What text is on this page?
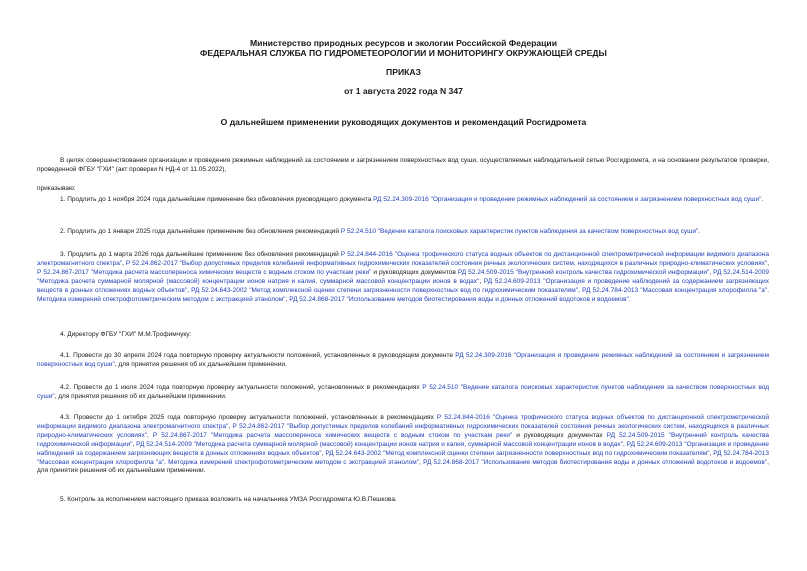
Министерство природных ресурсов и экологии Российской Федерации
ФЕДЕРАЛЬНАЯ СЛУЖБА ПО ГИДРОМЕТЕОРОЛОГИИ И МОНИТОРИНГУ ОКРУЖАЮЩЕЙ СРЕДЫ
ПРИКАЗ
от 1 августа 2022 года N 347
О дальнейшем применении руководящих документов и рекомендаций Росгидромета
В целях совершенствования организации и проведения режимных наблюдений за состоянием и загрязнением поверхностных вод суши, осуществляемых наблюдательной сетью Росгидромета, и на основании результатов проверки, проведенной ФГБУ "ГХИ" (акт проверки N НД-4 от 11.05.2022),
приказываю:
1. Продлить до 1 ноября 2024 года дальнейшее применение без обновления руководящего документа РД 52.24.309-2016 "Организация и проведение режимных наблюдений за состоянием и загрязнением поверхностных вод суши".
2. Продлить до 1 января 2025 года дальнейшее применение без обновления рекомендаций Р 52.24.510 "Ведение каталога поисковых характеристик пунктов наблюдения за качеством поверхностных вод суши".
3. Продлить до 1 марта 2026 года дальнейшее применение без обновления рекомендаций Р 52.24.844-2016 "Оценка трофического статуса водных объектов по дистанционной спектрометрической информации видимого диапазона электромагнитного спектра", Р 52.24.862-2017 "Выбор допустимых пределов колебаний информативных гидрохимических показателей состояния речных экологических систем, находящихся в различных природно-климатических условиях", Р 52.24.867-2017 "Методика расчета массопереноса химических веществ с водным стоком по участкам реки" и руководящих документов РД 52.24.509-2015 "Внутренний контроль качества гидрохимической информации", РД 52.24.514-2009 "Методика расчета суммарной молярной (массовой) концентрации ионов натрия и калия, суммарной массовой концентрации ионов в водах", РД 52.24.609-2013 "Организация и проведение наблюдений за содержанием загрязняющих веществ в донных отложениях водных объектов", РД 52.24.643-2002 "Метод комплексной оценки степени загрязненности поверхностных вод по гидрохимическим показателям", РД 52.24.784-2013 "Массовая концентрация хлорофилла "а". Методика измерений спектрофотометрическим методом с экстракцией этанолом", РД 52.24.868-2017 "Использование методов биотестирования воды и донных отложений водотоков и водоемов".
4. Директору ФГБУ "ГХИ" М.М.Трофимчуку:
4.1. Провести до 30 апреля 2024 года повторную проверку актуальности положений, установленных в руководящем документе РД 52.24.309-2016 "Организация и проведение режимных наблюдений за состоянием и загрязнением поверхностных вод суши", для принятия решения об их дальнейшем применении.
4.2. Провести до 1 июля 2024 года повторную проверку актуальности положений, установленных в рекомендациях Р 52.24.510 "Ведение каталога поисковых характеристик пунктов наблюдения за качеством поверхностных вод суши", для принятия решения об их дальнейшем применении.
4.3. Провести до 1 октября 2025 года повторную проверку актуальности положений, установленных в рекомендациях Р 52.24.844-2016 "Оценка трофического статуса водных объектов по дистанционной спектрометрической информации видимого диапазона электромагнитного спектра", Р 52.24.862-2017 "Выбор допустимых пределов колебаний информативных гидрохимических показателей состояния речных экологических систем, находящихся в различных природно-климатических условиях", Р 52.24.867-2017 "Методика расчета массопереноса химических веществ с водным стоком по участкам реки" и руководящих документах РД 52.24.509-2015 "Внутренний контроль качества гидрохимической информации", РД 52.24.514-2009 "Методика расчета суммарной молярной (массовой) концентрации ионов натрия и калия, суммарной массовой концентрации ионов в водах", РД 52.24.609-2013 "Организация и проведение наблюдений за содержанием загрязняющих веществ в донных отложениях водных объектов", РД 52.24.643-2002 "Метод комплексной оценки степени загрязненности поверхностных вод по гидрохимическим показателям", РД 52.24.784-2013 "Массовая концентрация хлорофилла "а". Методика измерений спектрофотометрическим методом с экстракцией этанолом", РД 52.24.868-2017 "Использование методов биотестирования воды и донных отложений водотоков и водоемов", для принятия решения об их дальнейшем применении.
5. Контроль за исполнением настоящего приказа возложить на начальника УМЗА Росгидромета Ю.В.Пешкова.
